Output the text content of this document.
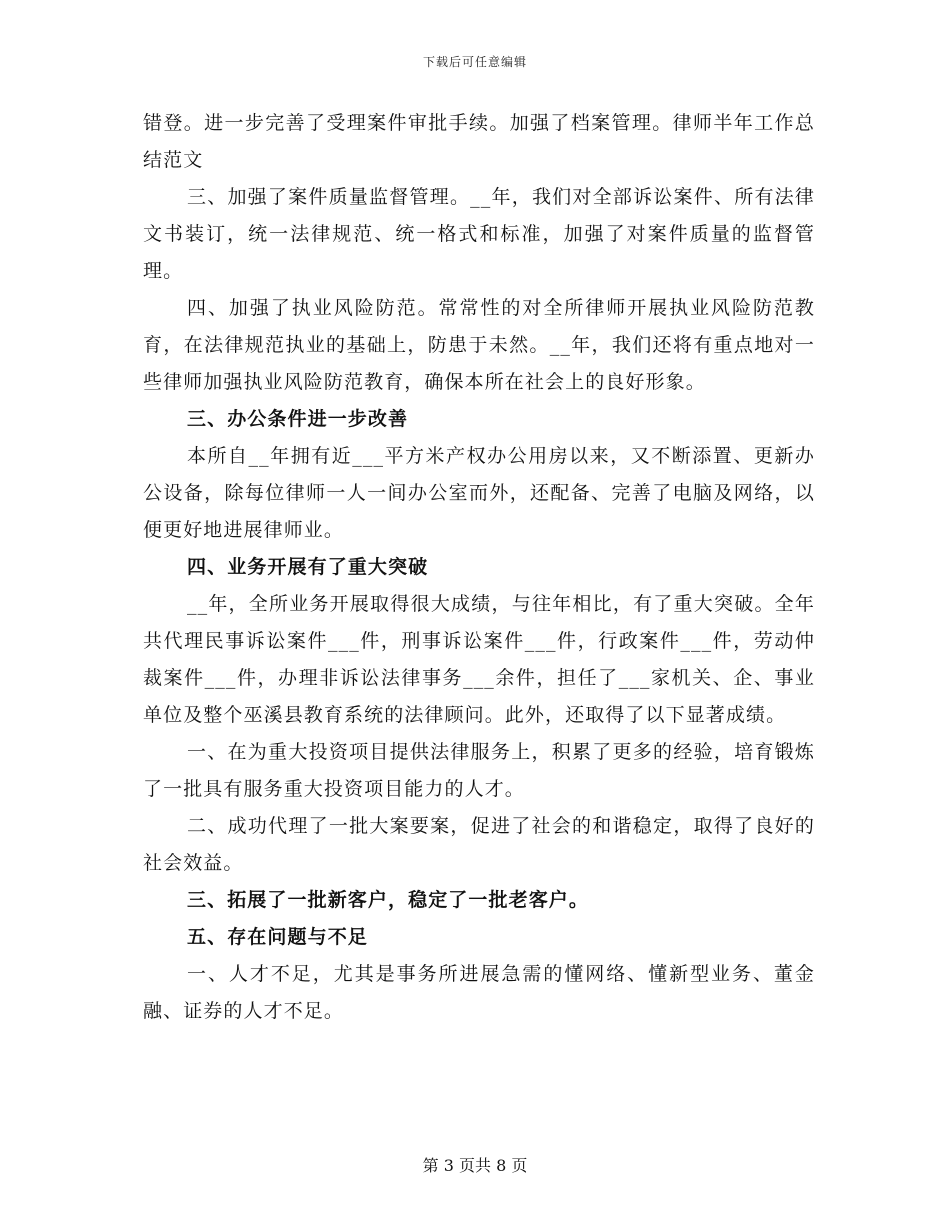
下载后可任意编辑

错登。进一步完善了受理案件审批手续。加强了档案管理。律师半年工作总结范文

三、加强了案件质量监督管理。__年，我们对全部诉讼案件、所有法律文书装订，统一法律规范、统一格式和标准，加强了对案件质量的监督管理。

四、加强了执业风险防范。常常性的对全所律师开展执业风险防范教育，在法律规范执业的基础上，防患于未然。__年，我们还将有重点地对一些律师加强执业风险防范教育，确保本所在社会上的良好形象。

三、办公条件进一步改善

本所自__年拥有近___平方米产权办公用房以来，又不断添置、更新办公设备，除每位律师一人一间办公室而外，还配备、完善了电脑及网络，以便更好地进展律师业。

四、业务开展有了重大突破

__年，全所业务开展取得很大成绩，与往年相比，有了重大突破。全年共代理民事诉讼案件___件，刑事诉讼案件___件，行政案件___件，劳动仲裁案件___件，办理非诉讼法律事务___余件，担任了___家机关、企、事业单位及整个巫溪县教育系统的法律顾问。此外，还取得了以下显著成绩。

一、在为重大投资项目提供法律服务上，积累了更多的经验，培育锻炼了一批具有服务重大投资项目能力的人才。

二、成功代理了一批大案要案，促进了社会的和谐稳定，取得了良好的社会效益。

三、拓展了一批新客户，稳定了一批老客户。

五、存在问题与不足

一、人才不足，尤其是事务所进展急需的懂网络、懂新型业务、董金融、证券的人才不足。

第 3 页共 8 页
